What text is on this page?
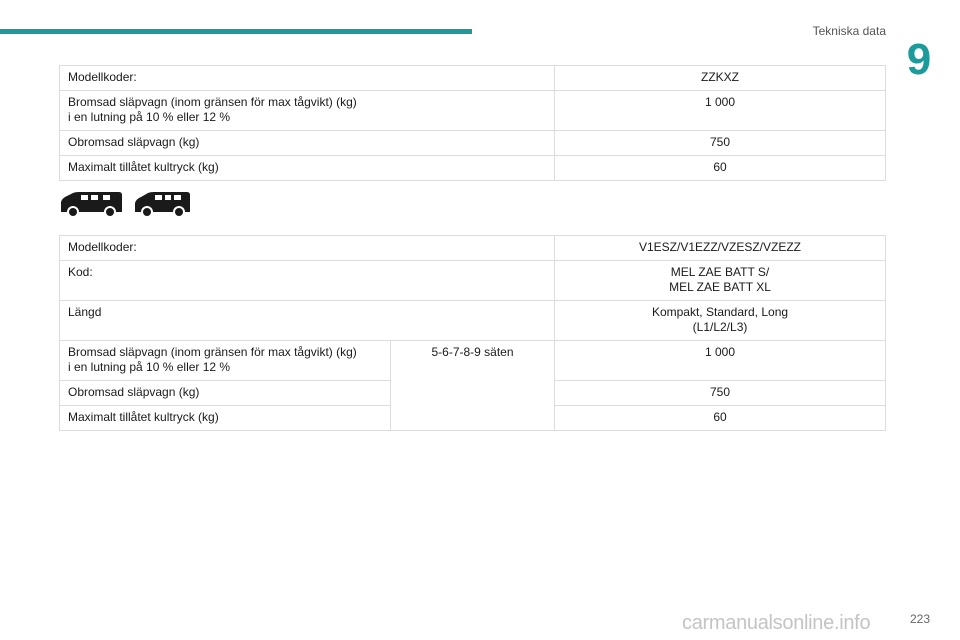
Tekniska data
9
Modellkoder:	ZZKXZ
Bromsad släpvagn (inom gränsen för max tågvikt) (kg)
i en lutning på 10 % eller 12 %	1 000
Obromsad släpvagn (kg)	750
Maximalt tillåtet kultryck (kg)	60
Modellkoder:		V1ESZ/V1EZZ/VZESZ/VZEZZ
Kod:		MEL ZAE BATT S/
MEL ZAE BATT XL
Längd		Kompakt, Standard, Long
(L1/L2/L3)
Bromsad släpvagn (inom gränsen för max tågvikt) (kg)
i en lutning på 10 % eller 12 %	5-6-7-8-9 säten	1 000
Obromsad släpvagn (kg)		750
Maximalt tillåtet kultryck (kg)		60
carmanualsonline.info	223
